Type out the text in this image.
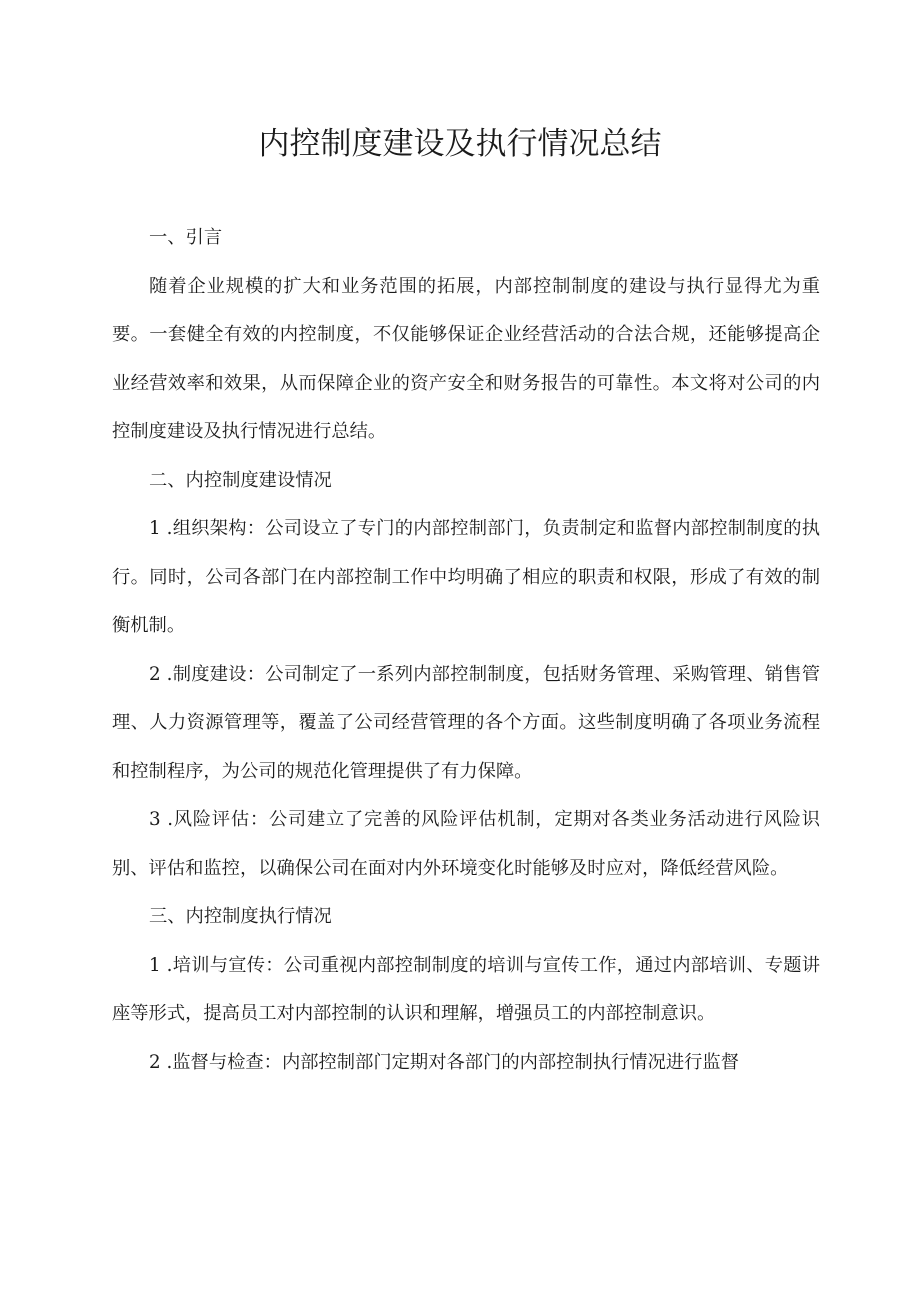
内控制度建设及执行情况总结

一、引言

随着企业规模的扩大和业务范围的拓展，内部控制制度的建设与执行显得尤为重要。一套健全有效的内控制度，不仅能够保证企业经营活动的合法合规，还能够提高企业经营效率和效果，从而保障企业的资产安全和财务报告的可靠性。本文将对公司的内控制度建设及执行情况进行总结。

二、内控制度建设情况

1 .组织架构：公司设立了专门的内部控制部门，负责制定和监督内部控制制度的执行。同时，公司各部门在内部控制工作中均明确了相应的职责和权限，形成了有效的制衡机制。

2 .制度建设：公司制定了一系列内部控制制度，包括财务管理、采购管理、销售管理、人力资源管理等，覆盖了公司经营管理的各个方面。这些制度明确了各项业务流程和控制程序，为公司的规范化管理提供了有力保障。

3 .风险评估：公司建立了完善的风险评估机制，定期对各类业务活动进行风险识别、评估和监控，以确保公司在面对内外环境变化时能够及时应对，降低经营风险。

三、内控制度执行情况

1 .培训与宣传：公司重视内部控制制度的培训与宣传工作，通过内部培训、专题讲座等形式，提高员工对内部控制的认识和理解，增强员工的内部控制意识。

2 .监督与检查：内部控制部门定期对各部门的内部控制执行情况进行监督
